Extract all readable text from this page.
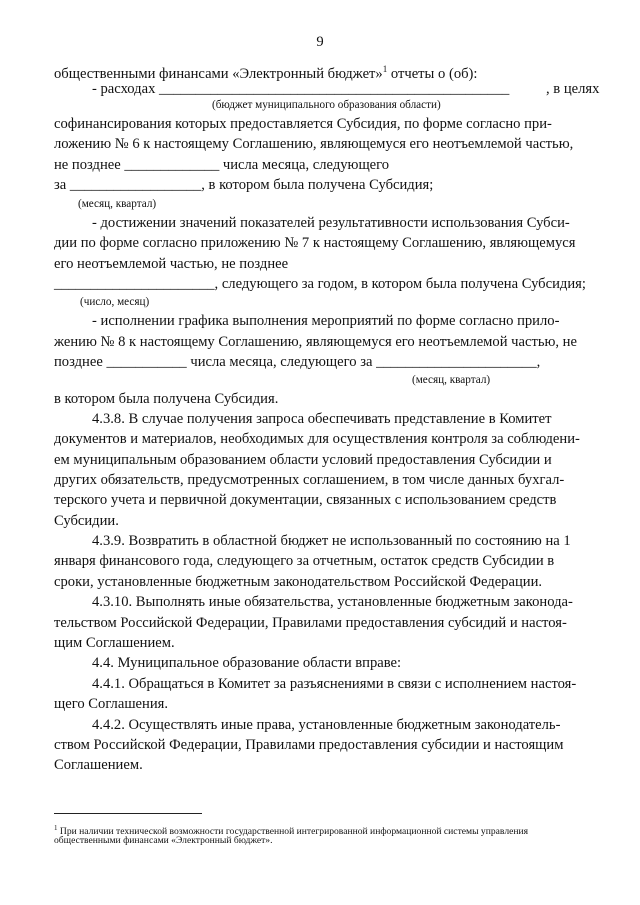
9
общественными финансами «Электронный бюджет»$^1$ отчеты о (об):
- расходах ________________________________________________	, в целях
(бюджет муниципального образования области)
софинансирования которых предоставляется Субсидия, по форме согласно при-
ложению № 6 к настоящему Соглашению, являющемуся его неотъемлемой частью,
не позднее _____________ числа месяца, следующего
за __________________, в котором была получена Субсидия;
(месяц, квартал)
- достижении значений показателей результативности использования Субси-
дии по форме согласно приложению № 7 к настоящему Соглашению, являющемуся
его неотъемлемой частью, не позднее
______________________, следующего за годом, в котором была получена Субсидия;
(число, месяц)
- исполнении графика выполнения мероприятий по форме согласно прило-
жению № 8 к настоящему Соглашению, являющемуся его неотъемлемой частью, не
позднее ___________ числа месяца, следующего за ______________________,
(месяц, квартал)
в котором была получена Субсидия.
4.3.8. В случае получения запроса обеспечивать представление в Комитет
документов и материалов, необходимых для осуществления контроля за соблюдени-
ем муниципальным образованием области условий предоставления Субсидии и
других обязательств, предусмотренных соглашением, в том числе данных бухгал-
терского учета и первичной документации, связанных с использованием средств
Субсидии.
4.3.9. Возвратить в областной бюджет не использованный по состоянию на 1
января финансового года, следующего за отчетным, остаток средств Субсидии в
сроки, установленные бюджетным законодательством Российской Федерации.
4.3.10. Выполнять иные обязательства, установленные бюджетным законода-
тельством Российской Федерации, Правилами предоставления субсидий и настоя-
щим Соглашением.
4.4. Муниципальное образование области вправе:
4.4.1. Обращаться в Комитет за разъяснениями в связи с исполнением настоя-
щего Соглашения.
4.4.2. Осуществлять иные права, установленные бюджетным законодатель-
ством Российской Федерации, Правилами предоставления субсидии и настоящим
Соглашением.
$^1$ При наличии технической возможности государственной интегрированной информационной системы управления
общественными финансами «Электронный бюджет».
